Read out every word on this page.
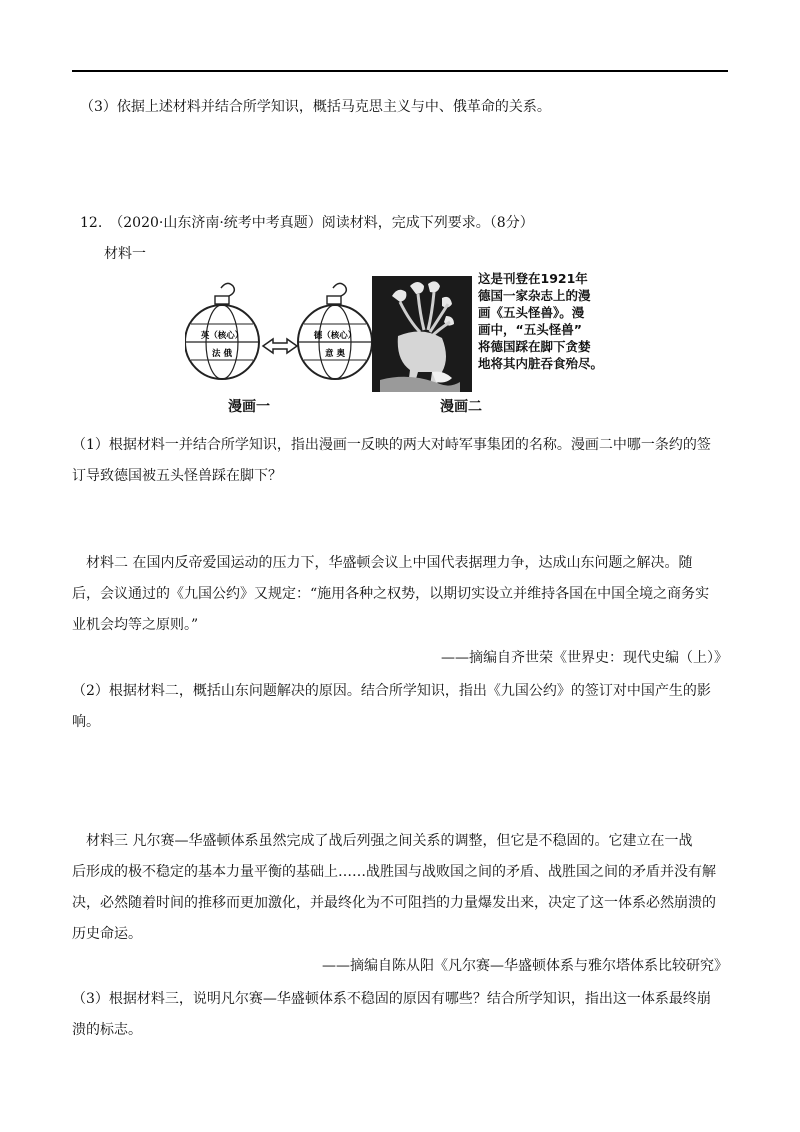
（3）依据上述材料并结合所学知识，概括马克思主义与中、俄革命的关系。
12.　（2020·山东济南·统考中考真题）阅读材料，完成下列要求。（8分）
材料一
英（核心）
法 俄
德（核心）
意 奥
漫画一
这是刊登在1921年
德国一家杂志上的漫
画《五头怪兽》。漫
画中，“五头怪兽”
将德国踩在脚下贪婪
地将其内脏吞食殆尽。
漫画二
（1）根据材料一并结合所学知识，指出漫画一反映的两大对峙军事集团的名称。漫画二中哪一条约的签
订导致德国被五头怪兽踩在脚下？
　材料二 在国内反帝爱国运动的压力下，华盛顿会议上中国代表据理力争，达成山东问题之解决。随
后，会议通过的《九国公约》又规定：“施用各种之权势，以期切实设立并维持各国在中国全境之商务实
业机会均等之原则。”
——摘编自齐世荣《世界史：现代史编（上）》
（2）根据材料二，概括山东问题解决的原因。结合所学知识，指出《九国公约》的签订对中国产生的影
响。
　材料三 凡尔赛—华盛顿体系虽然完成了战后列强之间关系的调整，但它是不稳固的。它建立在一战
后形成的极不稳定的基本力量平衡的基础上……战胜国与战败国之间的矛盾、战胜国之间的矛盾并没有解
决，必然随着时间的推移而更加激化，并最终化为不可阻挡的力量爆发出来，决定了这一体系必然崩溃的
历史命运。
——摘编自陈从阳《凡尔赛—华盛顿体系与雅尔塔体系比较研究》
（3）根据材料三，说明凡尔赛—华盛顿体系不稳固的原因有哪些？结合所学知识，指出这一体系最终崩
溃的标志。
